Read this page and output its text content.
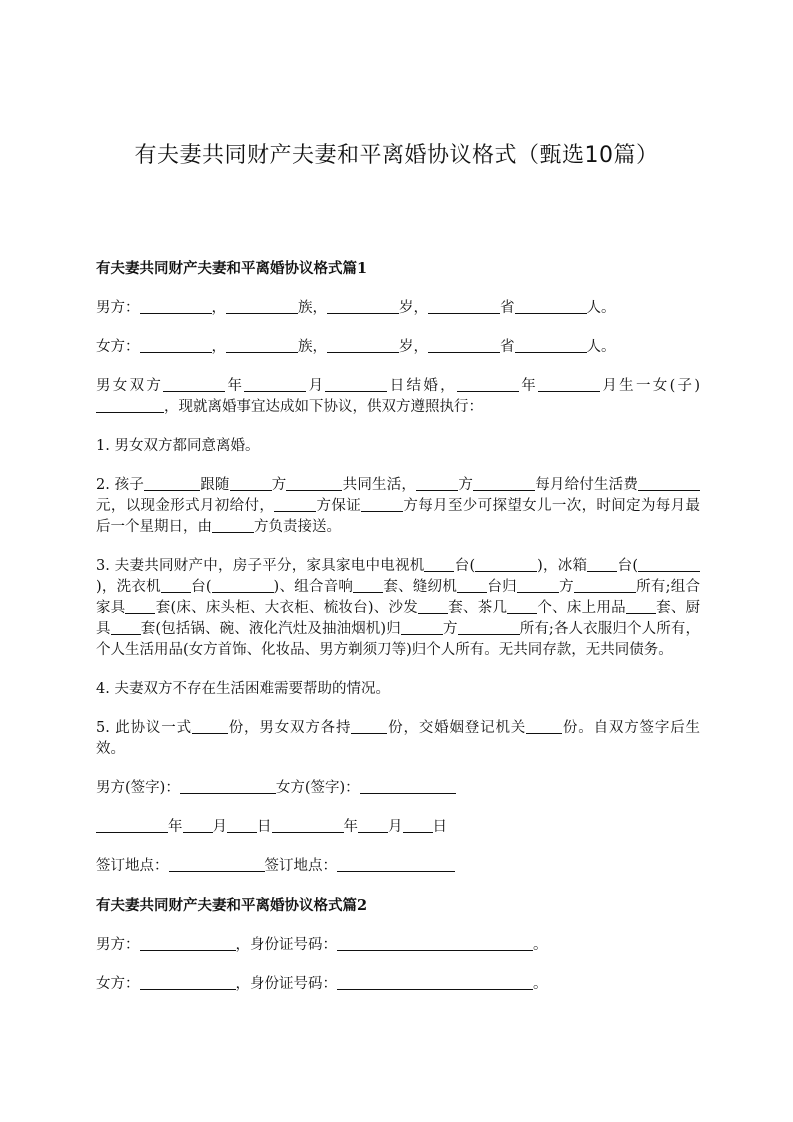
有夫妻共同财产夫妻和平离婚协议格式（甄选10篇）

有夫妻共同财产夫妻和平离婚协议格式篇1

男方：	，	族，	岁，	省	人。

女方：	，	族，	岁，	省	人。

男女双方	年	月	日结婚，	年	月生一女(子)，现就离婚事宜达成如下协议，供双方遵照执行：

1. 男女双方都同意离婚。

2. 孩子	跟随	方	共同生活，	方	每月给付生活费元，以现金形式月初给付，	方保证	方每月至少可探望女儿一次，时间定为每月最后一个星期日，由	方负责接送。

3. 夫妻共同财产中，房子平分，家具家电中电视机 台(	)，冰箱 台()，洗衣机 台(	)、组合音响 套、缝纫机 台归	方	所有;组合家具 套(床、床头柜、大衣柜、梳妆台)、沙发 套、茶几 个、床上用品 套、厨具 套(包括锅、碗、液化汽灶及抽油烟机)归	方	所有;各人衣服归个人所有，个人生活用品(女方首饰、化妆品、男方剃须刀等)归个人所有。无共同存款，无共同债务。

4. 夫妻双方不存在生活困难需要帮助的情况。

5. 此协议一式 份，男女双方各持 份，交婚姻登记机关 份。自双方签字后生效。

男方(签字)：	女方(签字)：

年 月 日	年 月 日

签订地点：	签订地点：

有夫妻共同财产夫妻和平离婚协议格式篇2

男方：	，身份证号码：	。

女方：	，身份证号码：	。
